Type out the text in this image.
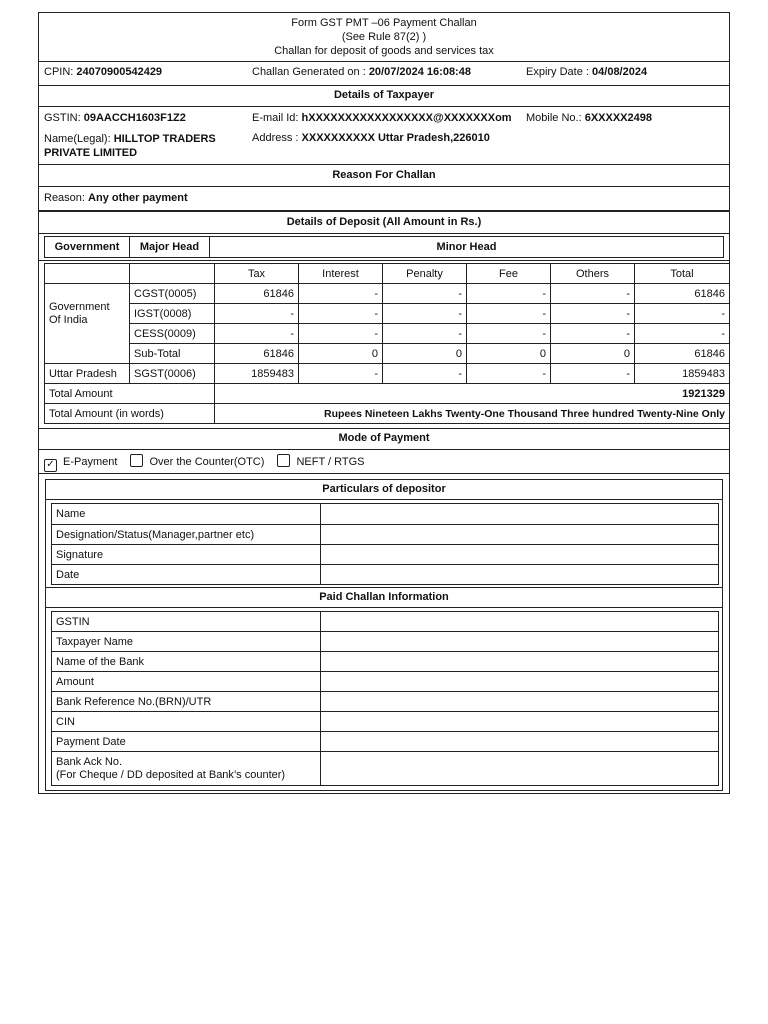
Form GST PMT –06 Payment Challan
(See Rule 87(2) )
Challan for deposit of goods and services tax
CPIN: 24070900542429	Challan Generated on : 20/07/2024 16:08:48	Expiry Date : 04/08/2024
Details of Taxpayer
GSTIN: 09AACCH1603F1Z2	E-mail Id: hXXXXXXXXXXXXXXXXX@XXXXXXXom Mobile No.: 6XXXXX2498
Name(Legal): HILLTOP TRADERS
PRIVATE LIMITED
Address : XXXXXXXXXX Uttar Pradesh,226010
Reason For Challan
Reason: Any other payment
Details of Deposit (All Amount in Rs.)
Government	Major Head	Minor Head
		Tax	Interest	Penalty	Fee	Others	Total

Government
Of India	CGST(0005)	61846	-	-	-	-	61846
	IGST(0008)	-	-	-	-	-	-
	CESS(0009)	-	-	-	-	-	-
	Sub-Total	61846	0	0	0	0	61846
Uttar Pradesh	SGST(0006)	1859483	-	-	-	-	1859483
Total Amount		1921329					
Total Amount (in words)		Rupees Nineteen Lakhs Twenty-One Thousand Three hundred Twenty-Nine Only					
Mode of Payment
✓ E-Payment	Over the Counter(OTC)	NEFT / RTGS
Particulars of depositor
Name	
Designation/Status(Manager,partner etc)	
Signature	
Date	
Paid Challan Information
GSTIN	
Taxpayer Name	
Name of the Bank	
Amount	
Bank Reference No.(BRN)/UTR	
CIN	
Payment Date	

Bank Ack No.
(For Cheque / DD deposited at Bank’s counter)	
